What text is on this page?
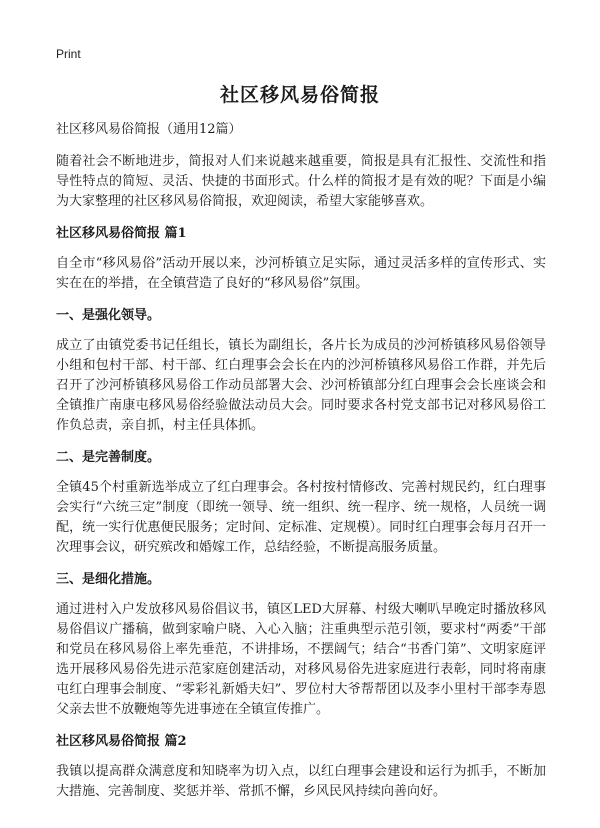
Print
社区移风易俗简报
社区移风易俗简报（通用12篇）

随着社会不断地进步，简报对人们来说越来越重要，简报是具有汇报性、交流性和指导性特点的简短、灵活、快捷的书面形式。什么样的简报才是有效的呢？下面是小编为大家整理的社区移风易俗简报，欢迎阅读，希望大家能够喜欢。

社区移风易俗简报 篇1

自全市“移风易俗”活动开展以来，沙河桥镇立足实际，通过灵活多样的宣传形式、实实在在的举措，在全镇营造了良好的“移风易俗”氛围。

一、是强化领导。

成立了由镇党委书记任组长，镇长为副组长，各片长为成员的沙河桥镇移风易俗领导小组和包村干部、村干部、红白理事会会长在内的沙河桥镇移风易俗工作群，并先后召开了沙河桥镇移风易俗工作动员部署大会、沙河桥镇部分红白理事会会长座谈会和全镇推广南康屯移风易俗经验做法动员大会。同时要求各村党支部书记对移风易俗工作负总责，亲自抓，村主任具体抓。

二、是完善制度。

全镇45个村重新选举成立了红白理事会。各村按村情修改、完善村规民约，红白理事会实行“六统三定”制度（即统一领导、统一组织、统一程序、统一规格，人员统一调配，统一实行优惠便民服务；定时间、定标准、定规模）。同时红白理事会每月召开一次理事会议，研究殡改和婚嫁工作，总结经验，不断提高服务质量。

三、是细化措施。

通过进村入户发放移风易俗倡议书，镇区LED大屏幕、村级大喇叭早晚定时播放移风易俗倡议广播稿，做到家喻户晓、入心入脑；注重典型示范引领，要求村“两委”干部和党员在移风易俗上率先垂范，不讲排场，不摆阔气；结合“书香门第”、文明家庭评选开展移风易俗先进示范家庭创建活动，对移风易俗先进家庭进行表彰，同时将南康屯红白理事会制度、“零彩礼新婚夫妇”、罗位村大爷帮帮团以及李小里村干部李寿恩父亲去世不放鞭炮等先进事迹在全镇宣传推广。

社区移风易俗简报 篇2

我镇以提高群众满意度和知晓率为切入点，以红白理事会建设和运行为抓手，不断加大措施、完善制度、奖惩并举、常抓不懈，乡风民风持续向善向好。
